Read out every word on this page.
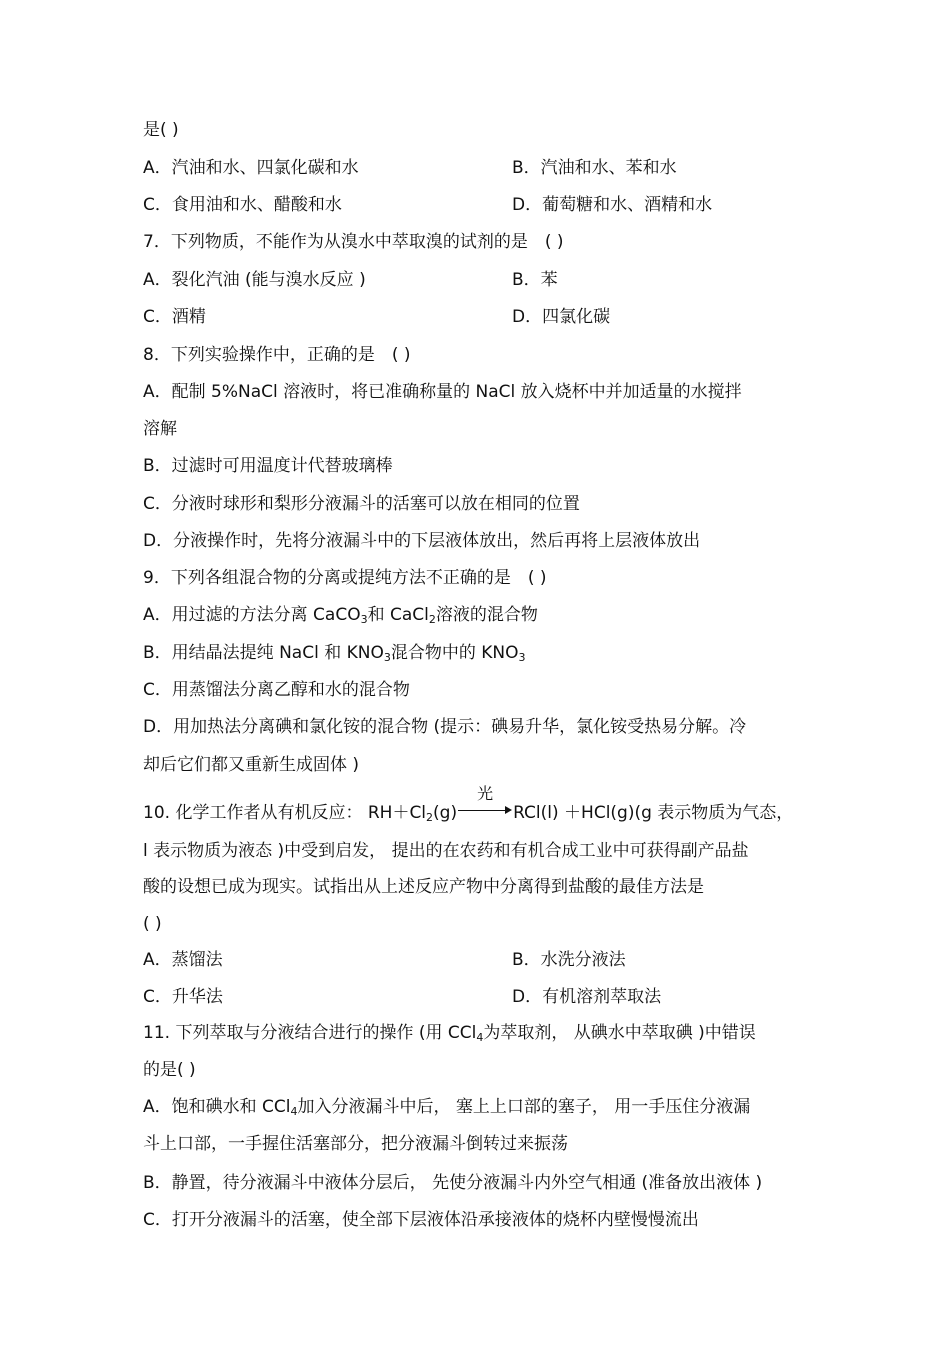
是( )
A．汽油和水、四氯化碳和水	B．汽油和水、苯和水
C．食用油和水、醋酸和水	D．葡萄糖和水、酒精和水
7．下列物质，不能作为从溴水中萃取溴的试剂的是　( )
A．裂化汽油 (能与溴水反应 )	B．苯
C．酒精	D．四氯化碳
8．下列实验操作中，正确的是　( )
A．配制 5%NaCl 溶液时，将已准确称量的 NaCl 放入烧杯中并加适量的水搅拌
溶解
B．过滤时可用温度计代替玻璃棒
C．分液时球形和梨形分液漏斗的活塞可以放在相同的位置
D．分液操作时，先将分液漏斗中的下层液体放出，然后再将上层液体放出
9．下列各组混合物的分离或提纯方法不正确的是　( )
A．用过滤的方法分离 CaCO$_3$和 CaCl$_2$溶液的混合物
B．用结晶法提纯 NaCl 和 $KNO_3$混合物中的 $KNO_3$
C．用蒸馏法分离乙醇和水的混合物
D．用加热法分离碘和氯化铵的混合物 (提示：碘易升华，氯化铵受热易分解。冷
却后它们都又重新生成固体 )
10. 化学工作者从有机反应： $RH+Cl_2(g)$
光
RCl(l) ＋HCl(g)(g 表示物质为气态，
l 表示物质为液态 )中受到启发， 提出的在农药和有机合成工业中可获得副产品盐
酸的设想已成为现实。试指出从上述反应产物中分离得到盐酸的最佳方法是
( )
A．蒸馏法	B．水洗分液法
C．升华法	D．有机溶剂萃取法
11. 下列萃取与分液结合进行的操作 (用 CCl$_4$为萃取剂， 从碘水中萃取碘 )中错误
的是( )
A．饱和碘水和 CCl$_4$加入分液漏斗中后， 塞上上口部的塞子， 用一手压住分液漏
斗上口部，一手握住活塞部分，把分液漏斗倒转过来振荡
B．静置，待分液漏斗中液体分层后， 先使分液漏斗内外空气相通 (准备放出液体 )
C．打开分液漏斗的活塞，使全部下层液体沿承接液体的烧杯内壁慢慢流出
